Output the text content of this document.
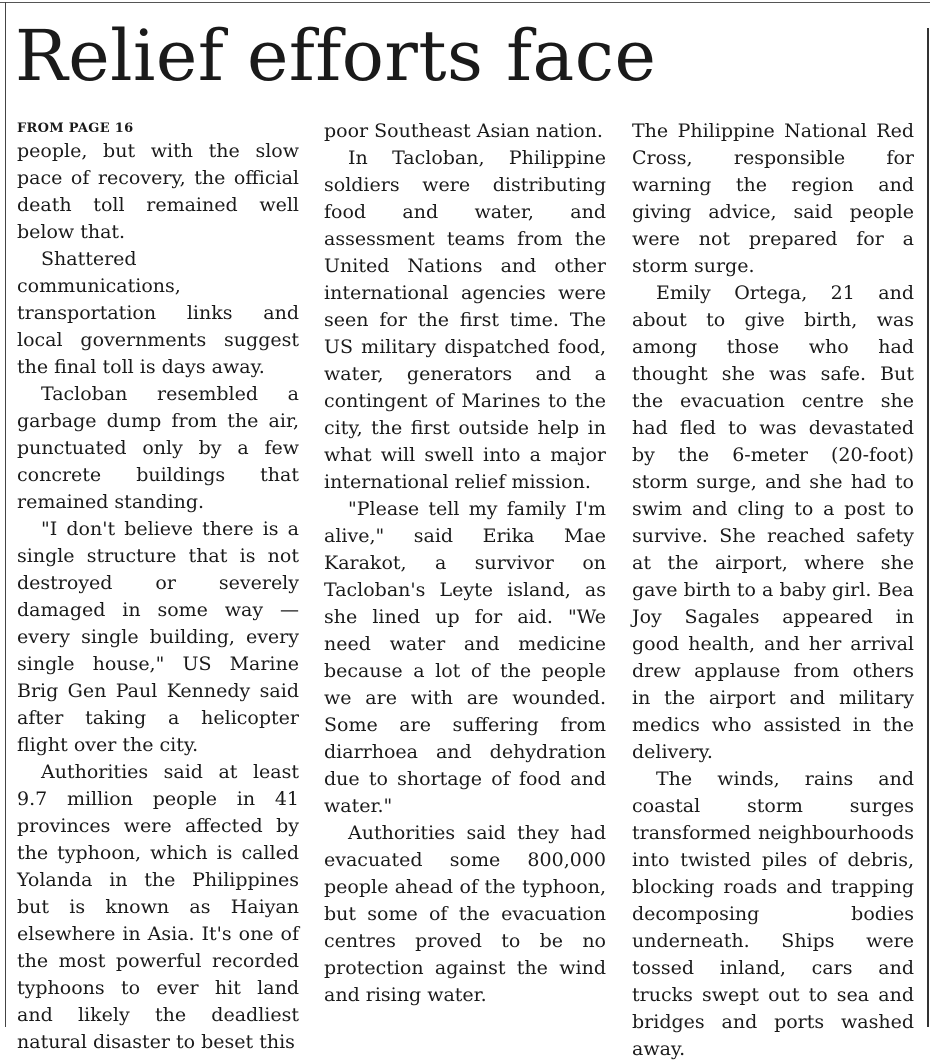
Relief efforts face
FROM PAGE 16

people, but with the slow pace of recovery, the official death toll remained well below that.

Shattered communications, transportation links and local governments suggest the final toll is days away.

Tacloban resembled a garbage dump from the air, punctuated only by a few concrete buildings that remained standing.

"I don't believe there is a single structure that is not destroyed or severely damaged in some way — every single building, every single house," US Marine Brig Gen Paul Kennedy said after taking a helicopter flight over the city.

Authorities said at least 9.7 million people in 41 provinces were affected by the typhoon, which is called Yolanda in the Philippines but is known as Haiyan elsewhere in Asia. It's one of the most powerful recorded typhoons to ever hit land and likely the deadliest natural disaster to beset this

poor Southeast Asian nation.

In Tacloban, Philippine soldiers were distributing food and water, and assessment teams from the United Nations and other international agencies were seen for the first time. The US military dispatched food, water, generators and a contingent of Marines to the city, the first outside help in what will swell into a major international relief mission.

"Please tell my family I'm alive," said Erika Mae Karakot, a survivor on Tacloban's Leyte island, as she lined up for aid. "We need water and medicine because a lot of the people we are with are wounded. Some are suffering from diarrhoea and dehydration due to shortage of food and water."

Authorities said they had evacuated some 800,000 people ahead of the typhoon, but some of the evacuation centres proved to be no protection against the wind and rising water.

The Philippine National Red Cross, responsible for warning the region and giving advice, said people were not prepared for a storm surge.

Emily Ortega, 21 and about to give birth, was among those who had thought she was safe. But the evacuation centre she had fled to was devastated by the 6-meter (20-foot) storm surge, and she had to swim and cling to a post to survive. She reached safety at the airport, where she gave birth to a baby girl. Bea Joy Sagales appeared in good health, and her arrival drew applause from others in the airport and military medics who assisted in the delivery.

The winds, rains and coastal storm surges transformed neighbourhoods into twisted piles of debris, blocking roads and trapping decomposing bodies underneath. Ships were tossed inland, cars and trucks swept out to sea and bridges and ports washed away.
